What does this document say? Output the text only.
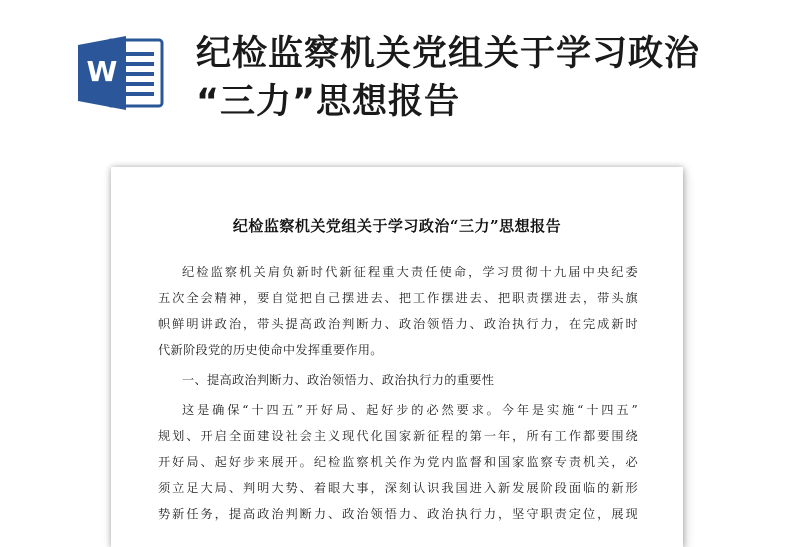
W 纪检监察机关党组关于学习政治
“三力”思想报告
纪检监察机关党组关于学习政治“三力”思想报告
纪检监察机关肩负新时代新征程重大责任使命，学习贯彻十九届中央纪委
五次全会精神，要自觉把自己摆进去、把工作摆进去、把职责摆进去，带头旗
帜鲜明讲政治，带头提高政治判断力、政治领悟力、政治执行力，在完成新时
代新阶段党的历史使命中发挥重要作用。
一、提高政治判断力、政治领悟力、政治执行力的重要性
这是确保“十四五”开好局、起好步的必然要求。今年是实施“十四五”
规划、开启全面建设社会主义现代化国家新征程的第一年，所有工作都要围绕
开好局、起好步来展开。纪检监察机关作为党内监督和国家监察专责机关，必
须立足大局、判明大势、着眼大事，深刻认识我国进入新发展阶段面临的新形
势新任务，提高政治判断力、政治领悟力、政治执行力，坚守职责定位，展现
